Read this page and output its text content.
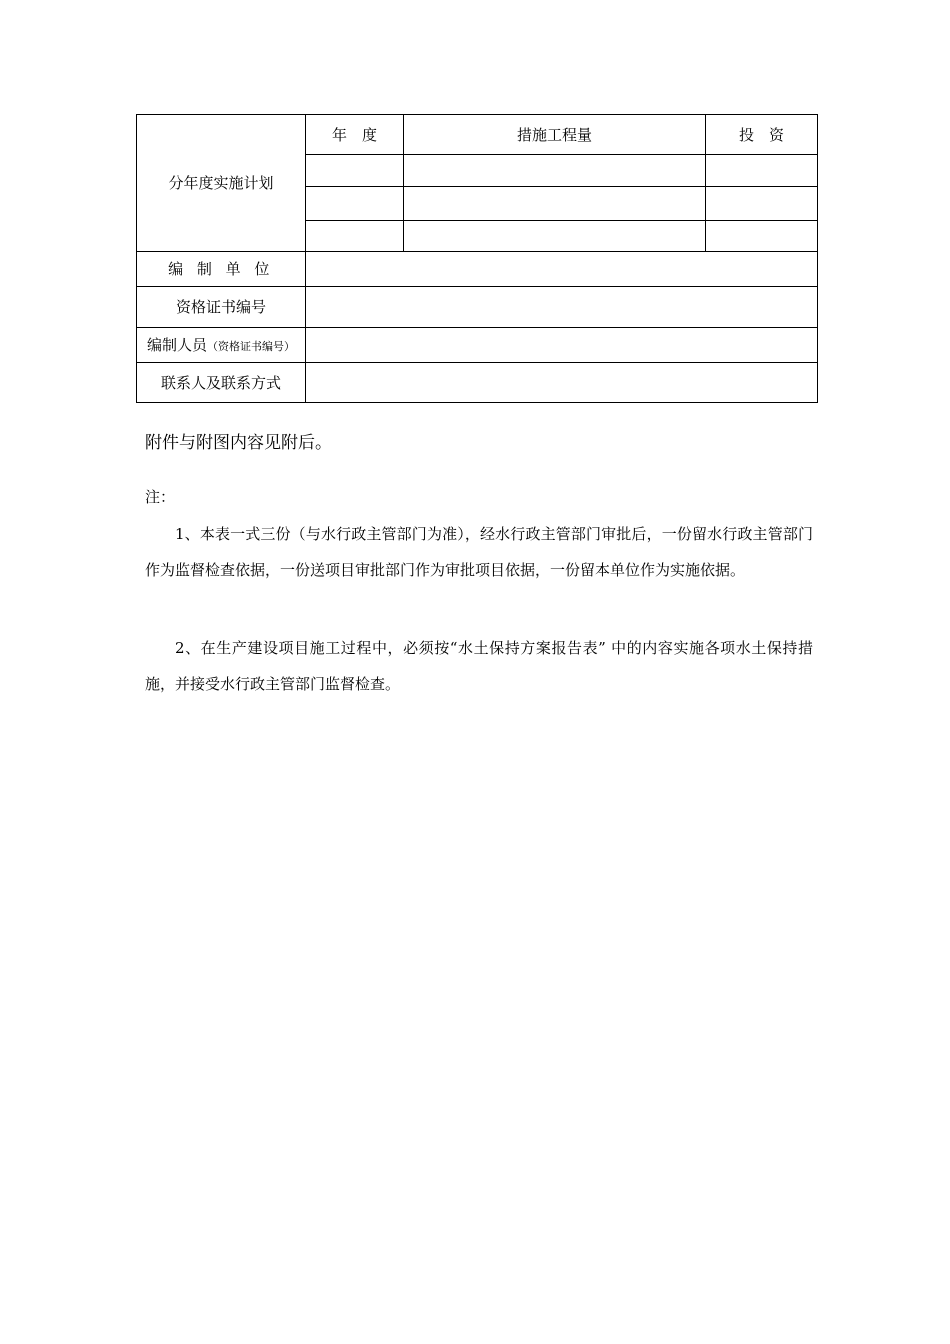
分年度实施计划	年　度	措施工程量	投　资

编 制 单 位			
资格证书编号			
编制人员（资格证书编号）			
联系人及联系方式			
附件与附图内容见附后。
注：

1、本表一式三份（与水行政主管部门为准），经水行政主管部门审批后，一份留水行政主管部门作为监督检查依据，一份送项目审批部门作为审批项目依据，一份留本单位作为实施依据。

2、在生产建设项目施工过程中，必须按“水土保持方案报告表” 中的内容实施各项水土保持措施，并接受水行政主管部门监督检查。
